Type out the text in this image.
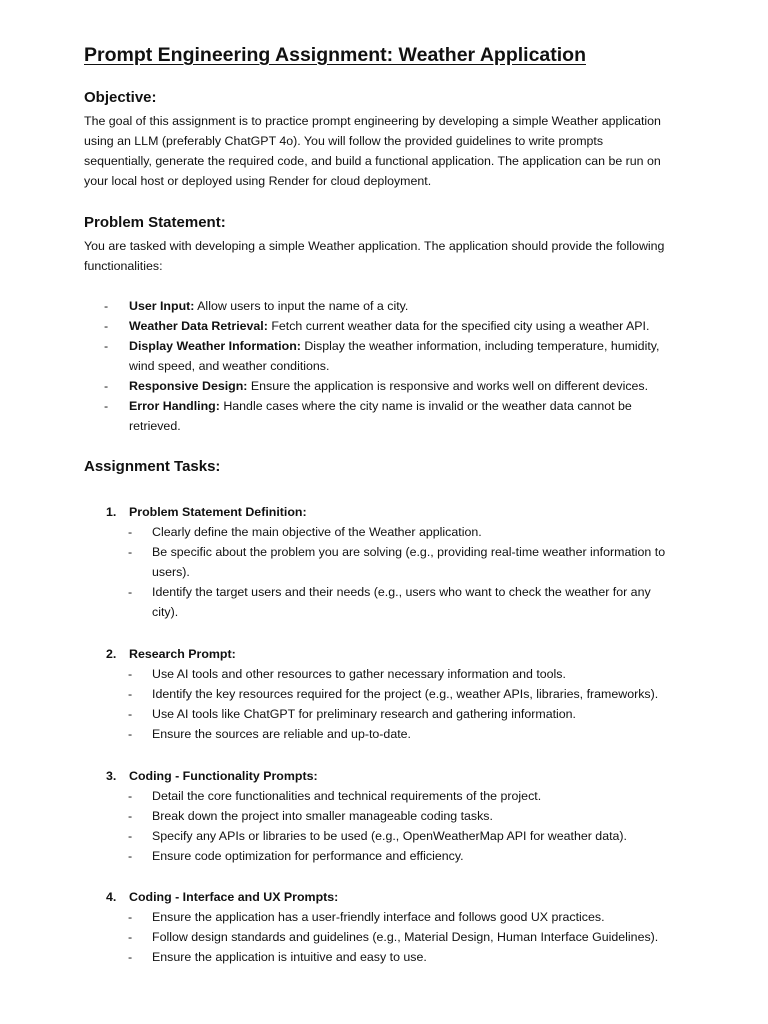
Prompt Engineering Assignment: Weather Application
Objective:

The goal of this assignment is to practice prompt engineering by developing a simple Weather application

using an LLM (preferably ChatGPT 4o). You will follow the provided guidelines to write prompts

sequentially, generate the required code, and build a functional application. The application can be run on

your local host or deployed using Render for cloud deployment.

Problem Statement:

You are tasked with developing a simple Weather application. The application should provide the following

functionalities:

- User Input: Allow users to input the name of a city.

- Weather Data Retrieval: Fetch current weather data for the specified city using a weather API.

- Display Weather Information: Display the weather information, including temperature, humidity,

wind speed, and weather conditions.

- Responsive Design: Ensure the application is responsive and works well on different devices.

- Error Handling: Handle cases where the city name is invalid or the weather data cannot be

retrieved.

Assignment Tasks:
1. Problem Statement Definition:
- Clearly define the main objective of the Weather application.

- Be specific about the problem you are solving (e.g., providing real-time weather information to

users).

- Identify the target users and their needs (e.g., users who want to check the weather for any

city).

2. Research Prompt:
- Use AI tools and other resources to gather necessary information and tools.

- Identify the key resources required for the project (e.g., weather APIs, libraries, frameworks).

- Use AI tools like ChatGPT for preliminary research and gathering information.

- Ensure the sources are reliable and up-to-date.

3. Coding - Functionality Prompts:
- Detail the core functionalities and technical requirements of the project.

- Break down the project into smaller manageable coding tasks.

- Specify any APIs or libraries to be used (e.g., OpenWeatherMap API for weather data).

- Ensure code optimization for performance and efficiency.

4. Coding - Interface and UX Prompts:
- Ensure the application has a user-friendly interface and follows good UX practices.

- Follow design standards and guidelines (e.g., Material Design, Human Interface Guidelines).

- Ensure the application is intuitive and easy to use.
